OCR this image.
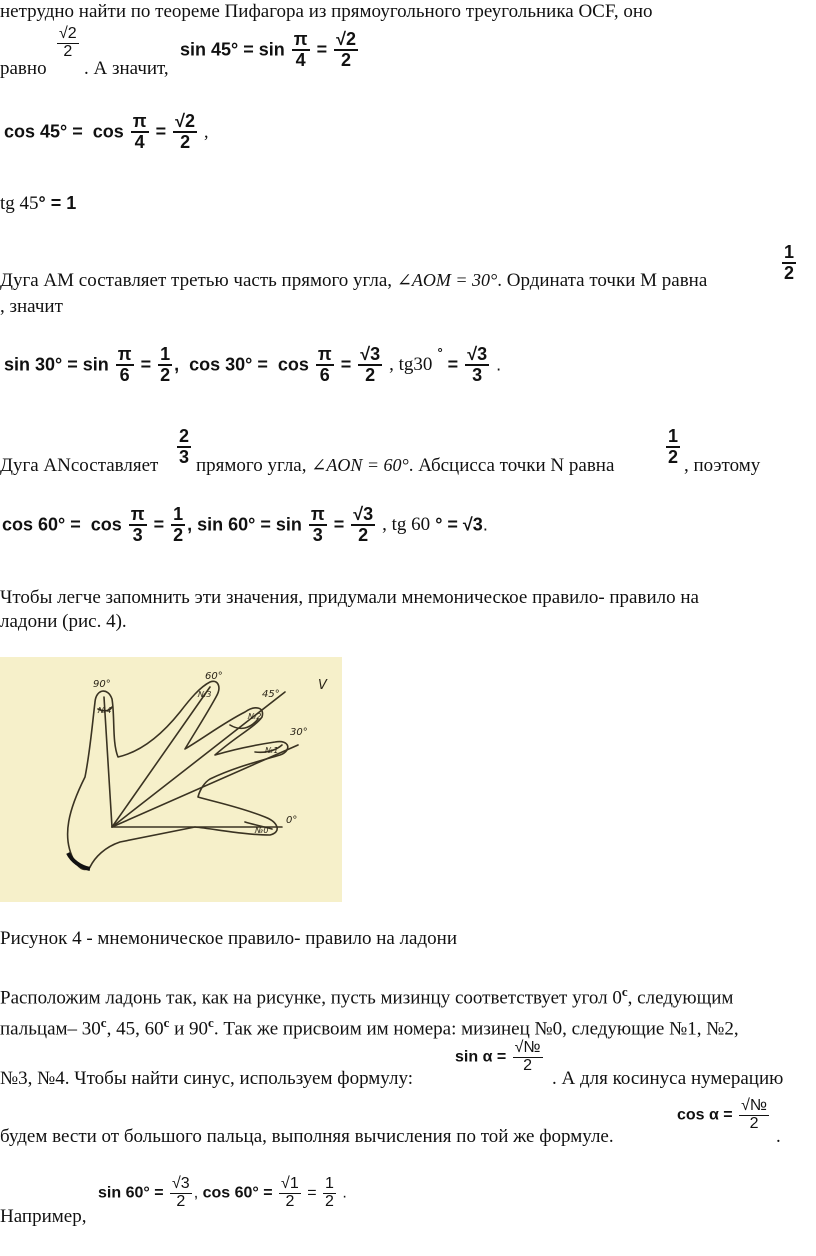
нетрудно найти по теореме Пифагора из прямоугольного треугольника OCF, оно
равно
$\frac{√2}{2}$
. А значит,
$\sin 45^\circ = \sin \frac{\pi}{4} = \frac{√2}{2}$
$\cos 45^\circ = \cos \frac{\pi}{4} = \frac{√2}{2}$ ,
tg 45° = 1
Дуга AM составляет третью часть прямого угла, ∠AOM = 30°. Ордината точки M равна	$\frac{1}{2}$
, значит
$\sin 30^\circ = \sin \frac{\pi}{6} = \frac{1}{2}$ ,  $\cos 30^\circ = \cos \frac{\pi}{6} = \frac{√3}{2}$ , tg30 $^\circ = \frac{√3}{3}$ .
Дуга ANсоставляет $\frac{2}{3}$ прямого угла, ∠AON = 60°. Абсцисса точки N равна	$\frac{1}{2}$ , поэтому
$\cos 60^\circ = \cos \frac{\pi}{3} = \frac{1}{2}$ , $\sin 60^\circ = \sin \frac{\pi}{3} = \frac{√3}{2}$ , tg 60 ° = √3.
Чтобы легче запомнить эти значения, придумали мнемоническое правило- правило на
ладони (рис. 4).
90°
60°
45°
30°
0°
V
№4
№3
№2
№1
№0
Рисунок 4 - мнемоническое правило- правило на ладони
Расположим ладонь так, как на рисунке, пусть мизинцу соответствует угол $0^с$, следующим
пальцам– $30^с$, 45, $60^с$ и $90^с$. Так же присвоим им номера: мизинец №0, следующие №1, №2,
№3, №4. Чтобы найти синус, используем формулу:
$\sin \alpha = \frac{√№}{2}$
. А для косинуса нумерацию
будем вести от большого пальца, выполняя вычисления по той же формуле.
$\cos \alpha = \frac{√№}{2}$
.
Например,
$\sin 60^\circ = \frac{√3}{2}$ , $\cos 60^\circ = \frac{√1}{2} = \frac{1}{2}$ .
